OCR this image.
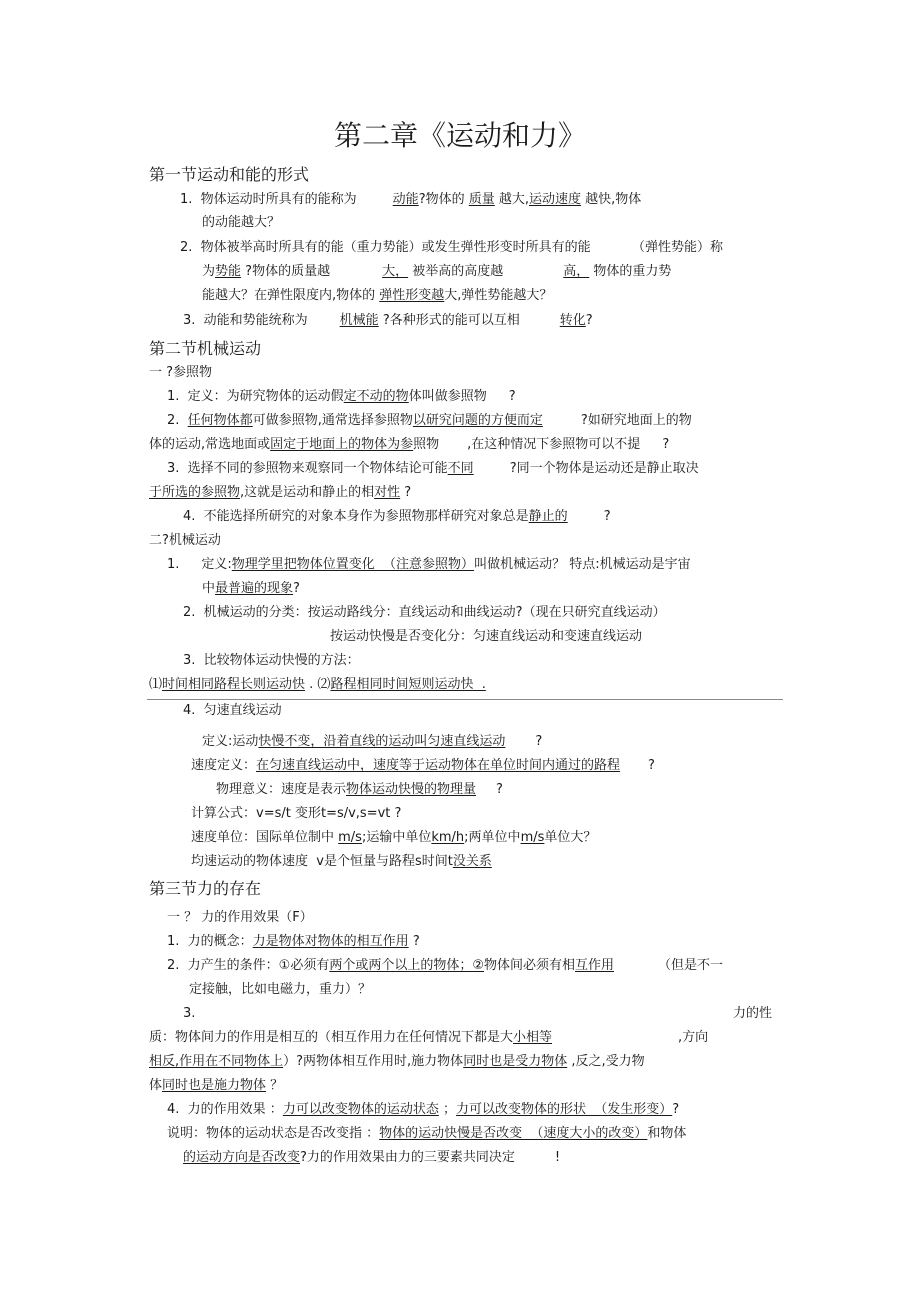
第二章《运动和力》
第一节运动和能的形式
1.  物体运动时所具有的能称为	动能?物体的 质量 越大,运动速度 越快,物体
的动能越大？
2.  物体被举高时所具有的能（重力势能）或发生弹性形变时所具有的能          （弹性势能）称
为势能 ?物体的质量越	大， 被举高的高度越	高， 物体的重力势
能越大？在弹性限度内,物体的 弹性形变越大,弹性势能越大？
3.  动能和势能统称为 机械能 ?各种形式的能可以互相	转化?
第二节机械运动
一 ?参照物
1.  定义：为研究物体的运动假定不动的物体叫做参照物 ?
2.  任何物体都可做参照物,通常选择参照物以研究问题的方便而定	?如研究地面上的物
体的运动,常选地面或固定于地面上的物体为参照物 ,在这种情况下参照物可以不提 ?
3.  选择不同的参照物来观察同一个物体结论可能不同	?同一个物体是运动还是静止取决
于所选的参照物,这就是运动和静止的相对性 ?
4.  不能选择所研究的对象本身作为参照物那样研究对象总是静止的	?
二?机械运动
1. 定义:物理学里把物体位置变化  （注意参照物）叫做机械运动？ 特点:机械运动是宇宙
中最普遍的现象?
2.  机械运动的分类：按运动路线分：直线运动和曲线运动?（现在只研究直线运动）
按运动快慢是否变化分：匀速直线运动和变速直线运动
3.  比较物体运动快慢的方法：
⑴时间相同路程长则运动快 . ⑵路程相同时间短则运动快  .
4.  匀速直线运动
定义:运动快慢不变，沿着直线的运动叫匀速直线运动 ?
速度定义：在匀速直线运动中，速度等于运动物体在单位时间内通过的路程 ?
物理意义：速度是表示物体运动快慢的物理量 ?
计算公式：v=s/t 变形t=s/v,s=vt ?
速度单位：国际单位制中 m/s;运输中单位km/h;两单位中m/s单位大？
均速运动的物体速度  v是个恒量与路程s时间t没关系
第三节力的存在
一 ？ 力的作用效果（F）
1.  力的概念：力是物体对物体的相互作用 ?
2.  力产生的条件：①必须有两个或两个以上的物体；②物体间必须有相互作用	（但是不一
定接触，比如电磁力，重力）？
3.	力的性
质：物体间力的作用是相互的（相互作用力在任何情况下都是大小相等	,方向
相反,作用在不同物体上）?两物体相互作用时,施力物体同时也是受力物体 ,反之,受力物
体同时也是施力物体 ？
4.  力的作用效果 ：力可以改变物体的运动状态 ；力可以改变物体的形状  （发生形变）?
说明：物体的运动状态是否改变指 ：物体的运动快慢是否改变  （速度大小的改变）和物体
的运动方向是否改变?力的作用效果由力的三要素共同决定	!
